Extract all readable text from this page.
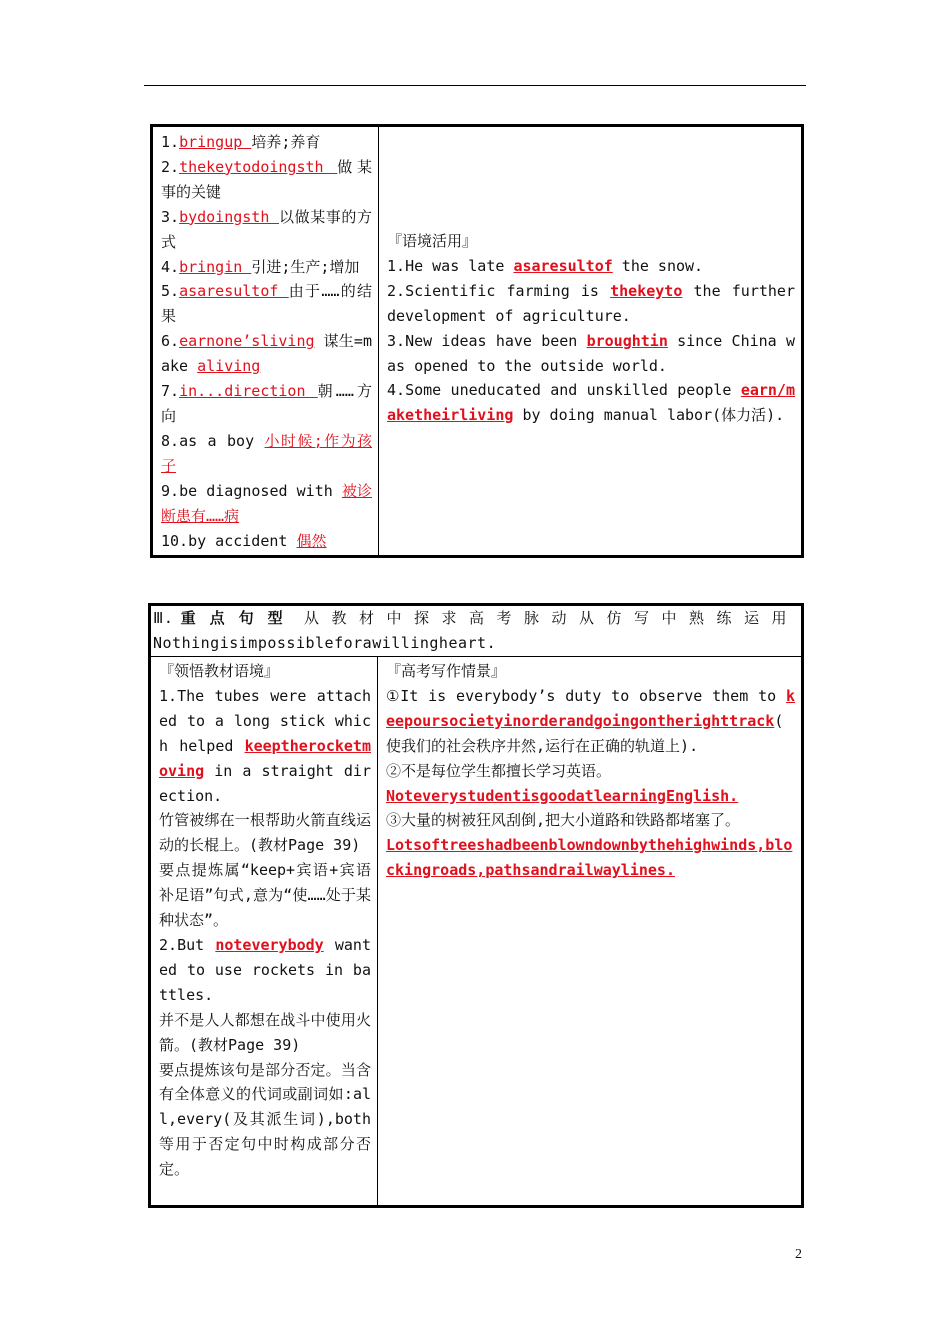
1.bringup 培养;养育
2.thekeytodoingsth 做某事的关键
3.bydoingsth 以做某事的方式
4.bringin 引进;生产;增加
5.asaresultof 由于……的结果
6.earnone’sliving 谋生=make aliving
7.in...direction 朝……方向
8.as a boy 小时候;作为孩子
9.be diagnosed with 被诊断患有……病
10.by accident 偶然

『语境活用』
1.He was late asaresultof the snow.
2.Scientific farming is thekeyto the further development of agriculture.
3.New ideas have been broughtin since China was opened to the outside world.
4.Some uneducated and unskilled people earn/maketheirliving by doing manual labor(体力活).
Ⅲ. 重点句型 从教材中探求高考脉动从仿写中熟练运用
Nothingisimpossibleforawillingheart.

『领悟教材语境』
1.The tubes were attached to a long stick which helped keeptherocketmoving in a straight direction.
竹管被绑在一根帮助火箭直线运动的长棍上。(教材Page 39)
要点提炼属“keep+宾语+宾语补足语”句式,意为“使……处于某种状态”。
2.But noteverybody wanted to use rockets in battles.
并不是人人都想在战斗中使用火箭。(教材Page 39)
要点提炼该句是部分否定。当含有全体意义的代词或副词如:all,every(及其派生词),both等用于否定句中时构成部分否定。

『高考写作情景』
①It is everybody’s duty to observe them to keepoursocietyinorderandgoingontherighttrack( 使我们的社会秩序井然,运行在正确的轨道上).
②不是每位学生都擅长学习英语。
NoteverystudentisgoodatlearningEnglish.
③大量的树被狂风刮倒,把大小道路和铁路都堵塞了。
Lotsoftreeshadbeenblowndownbythehighwinds,blockingroads,pathsandrailwaylines.
2
